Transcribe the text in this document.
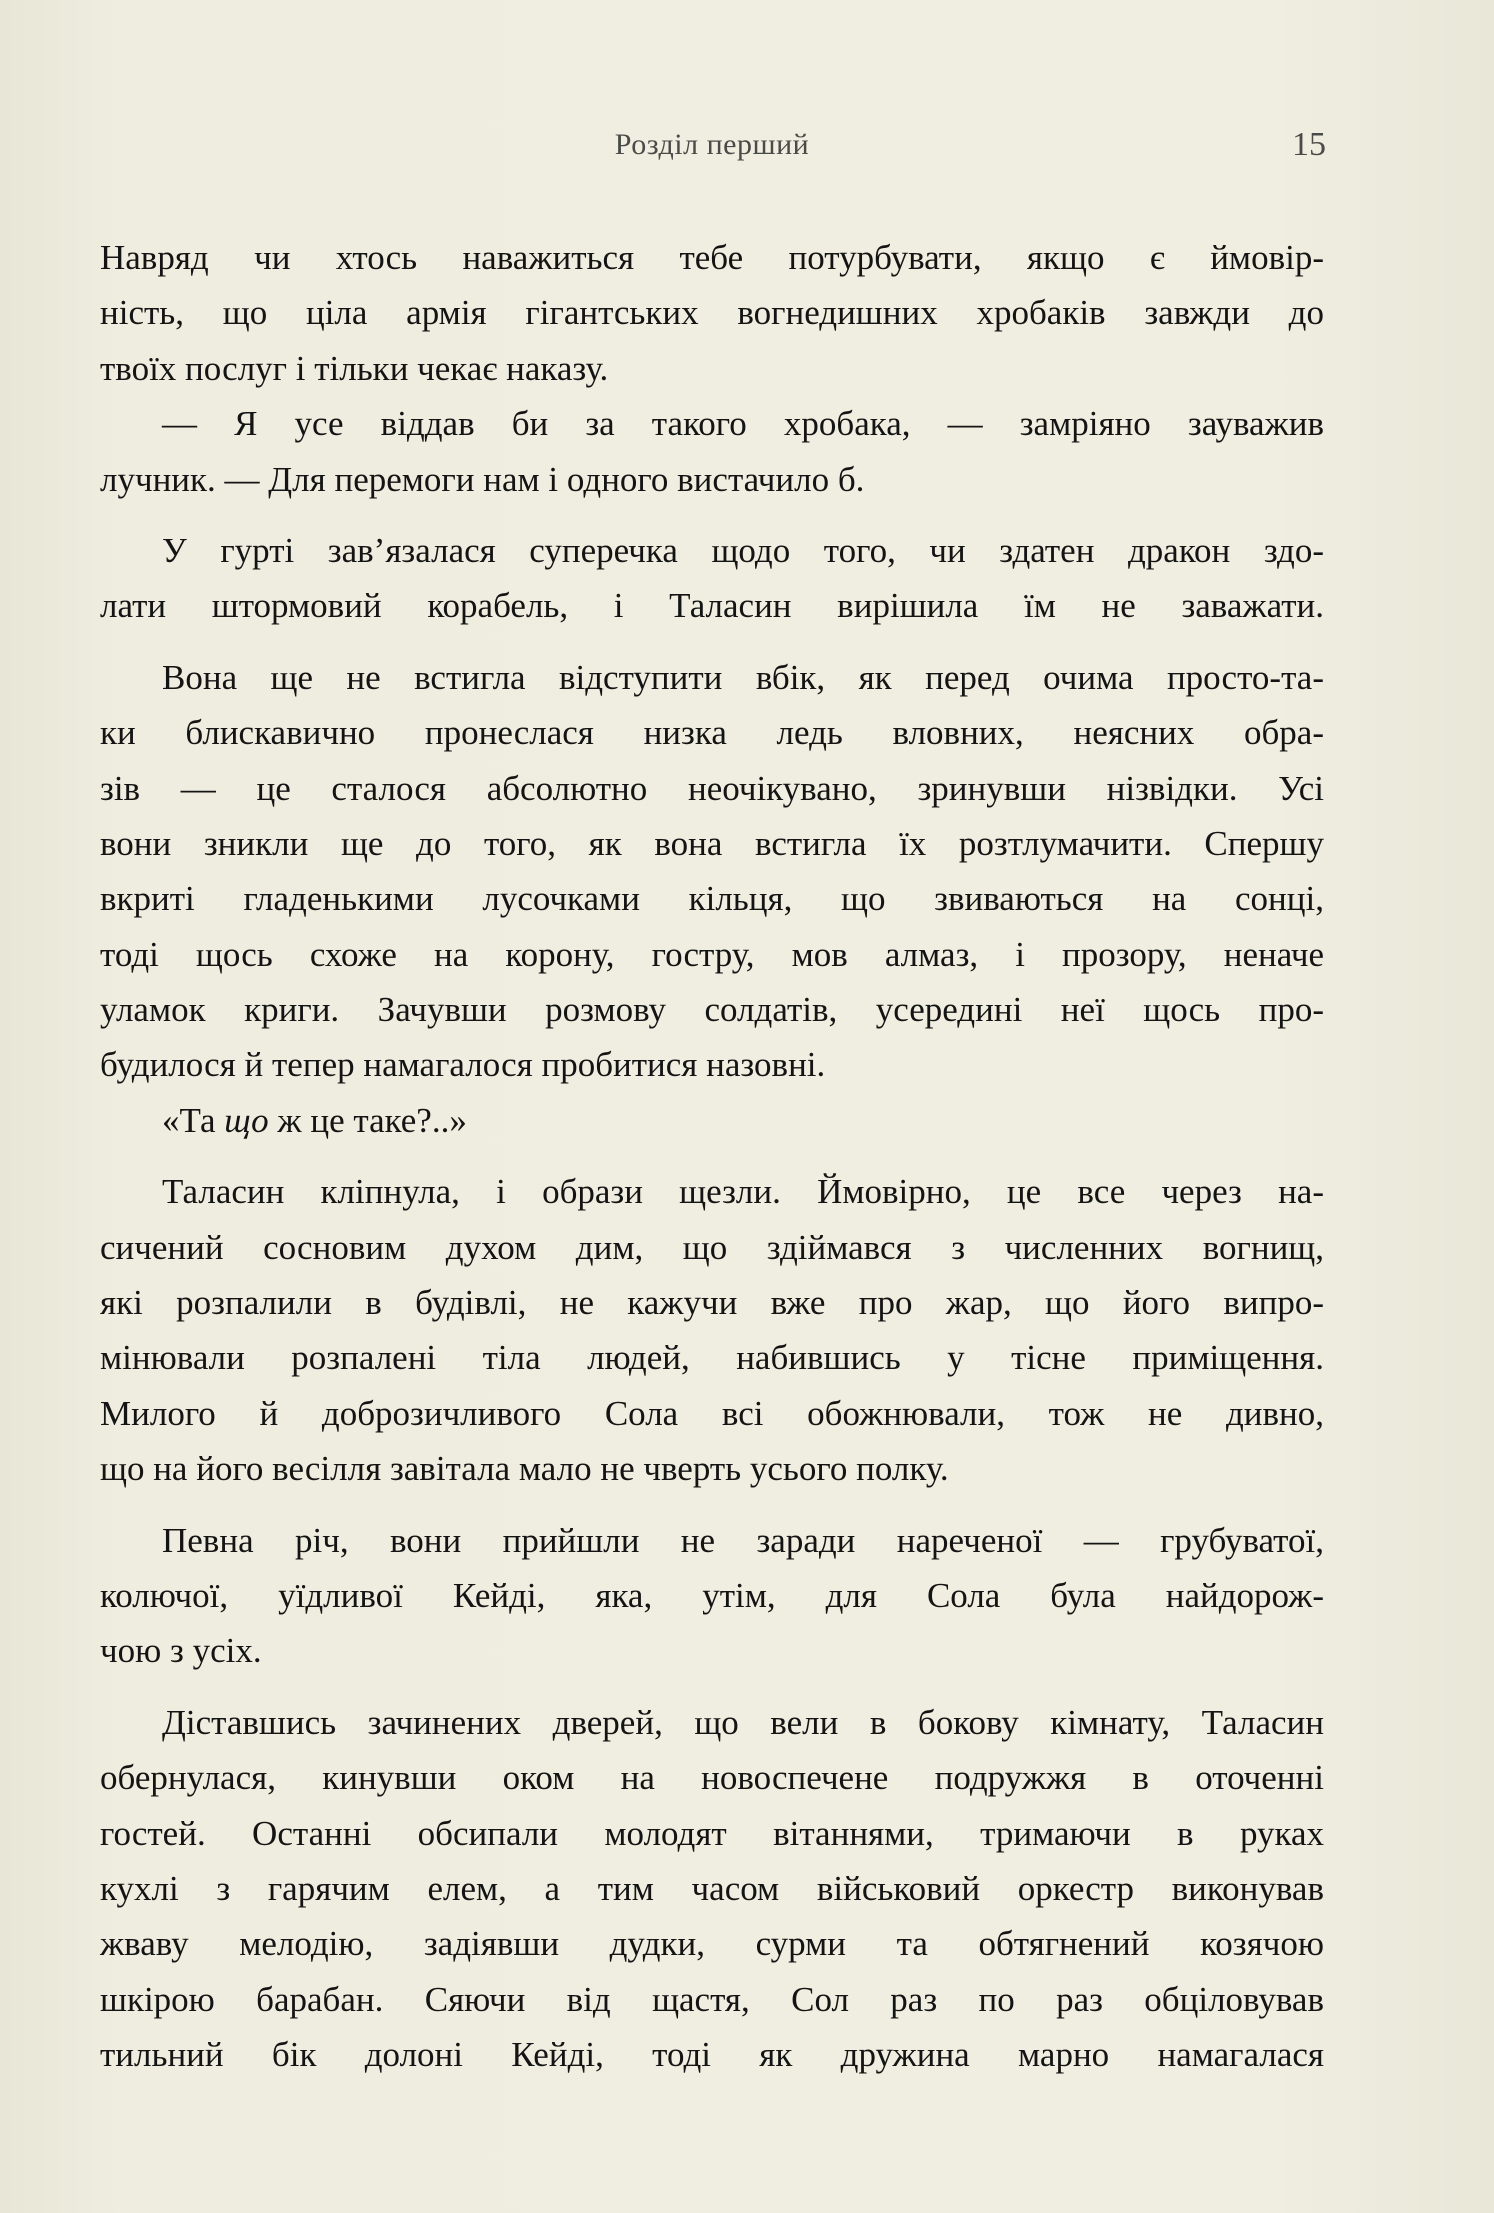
Розділ перший	15
Навряд чи хтось наважиться тебе потурбувати, якщо є ймовір-
ність, що ціла армія гігантських вогнедишних хробаків завжди до
твоїх послуг і тільки чекає наказу.
— Я усе віддав би за такого хробака, — замріяно зауважив
лучник. — Для перемоги нам і одного вистачило б.
У гурті зав’язалася суперечка щодо того, чи здатен дракон здо-
лати штормовий корабель, і Таласин вирішила їм не заважати.
Вона ще не встигла відступити вбік, як перед очима просто-та-
ки блискавично пронеслася низка ледь вловних, неясних обра-
зів — це сталося абсолютно неочікувано, зринувши нізвідки. Усі
вони зникли ще до того, як вона встигла їх розтлумачити. Спершу
вкриті гладенькими лусочками кільця, що звиваються на сонці,
тоді щось схоже на корону, гостру, мов алмаз, і прозору, неначе
уламок криги. Зачувши розмову солдатів, усередині неї щось про-
будилося й тепер намагалося пробитися назовні.
«Та що ж це таке?..»
Таласин кліпнула, і образи щезли. Ймовірно, це все через на-
сичений сосновим духом дим, що здіймався з численних вогнищ,
які розпалили в будівлі, не кажучи вже про жар, що його випро-
мінювали розпалені тіла людей, набившись у тісне приміщення.
Милого й доброзичливого Сола всі обожнювали, тож не дивно,
що на його весілля завітала мало не чверть усього полку.
Певна річ, вони прийшли не заради нареченої — грубуватої,
колючої, уїдливої Кейді, яка, утім, для Сола була найдорож-
чою з усіх.
Діставшись зачинених дверей, що вели в бокову кімнату, Таласин
обернулася, кинувши оком на новоспечене подружжя в оточенні
гостей. Останні обсипали молодят вітаннями, тримаючи в руках
кухлі з гарячим елем, а тим часом військовий оркестр виконував
жваву мелодію, задіявши дудки, сурми та обтягнений козячою
шкірою барабан. Сяючи від щастя, Сол раз по раз обціловував
тильний бік долоні Кейді, тоді як дружина марно намагалася
